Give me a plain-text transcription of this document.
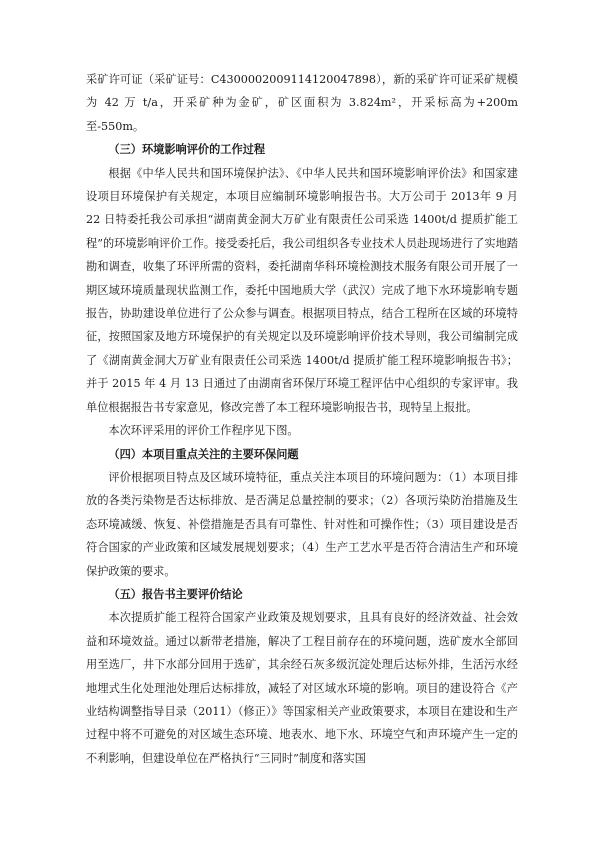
采矿许可证（采矿证号：C4300002009114120047898），新的采矿许可证采矿规模为 42 万 t/a，开采矿种为金矿，矿区面积为 3.824m²，开采标高为+200m 至-550m。

（三）环境影响评价的工作过程

根据《中华人民共和国环境保护法》、《中华人民共和国环境影响评价法》和国家建设项目环境保护有关规定，本项目应编制环境影响报告书。大万公司于 2013年 9 月 22 日特委托我公司承担“湖南黄金洞大万矿业有限责任公司采选 1400t/d 提质扩能工程”的环境影响评价工作。接受委托后，我公司组织各专业技术人员赴现场进行了实地踏勘和调查，收集了环评所需的资料，委托湖南华科环境检测技术服务有限公司开展了一期区域环境质量现状监测工作，委托中国地质大学（武汉）完成了地下水环境影响专题报告，协助建设单位进行了公众参与调查。根据项目特点，结合工程所在区域的环境特征，按照国家及地方环境保护的有关规定以及环境影响评价技术导则，我公司编制完成了《湖南黄金洞大万矿业有限责任公司采选 1400t/d 提质扩能工程环境影响报告书》；并于 2015 年 4 月 13 日通过了由湖南省环保厅环境工程评估中心组织的专家评审。我单位根据报告书专家意见，修改完善了本工程环境影响报告书，现特呈上报批。

本次环评采用的评价工作程序见下图。

（四）本项目重点关注的主要环保问题

评价根据项目特点及区域环境特征，重点关注本项目的环境问题为：（1）本项目排放的各类污染物是否达标排放、是否满足总量控制的要求；（2）各项污染防治措施及生态环境减缓、恢复、补偿措施是否具有可靠性、针对性和可操作性；（3）项目建设是否符合国家的产业政策和区域发展规划要求；（4）生产工艺水平是否符合清洁生产和环境保护政策的要求。

（五）报告书主要评价结论

本次提质扩能工程符合国家产业政策及规划要求，且具有良好的经济效益、社会效益和环境效益。通过以新带老措施，解决了工程目前存在的环境问题，选矿废水全部回用至选厂，井下水部分回用于选矿，其余经石灰多级沉淀处理后达标外排，生活污水经地埋式生化处理池处理后达标排放，减轻了对区域水环境的影响。项目的建设符合《产业结构调整指导目录（2011）（修正）》等国家相关产业政策要求，本项目在建设和生产过程中将不可避免的对区域生态环境、地表水、地下水、环境空气和声环境产生一定的不利影响，但建设单位在严格执行“三同时”制度和落实国
